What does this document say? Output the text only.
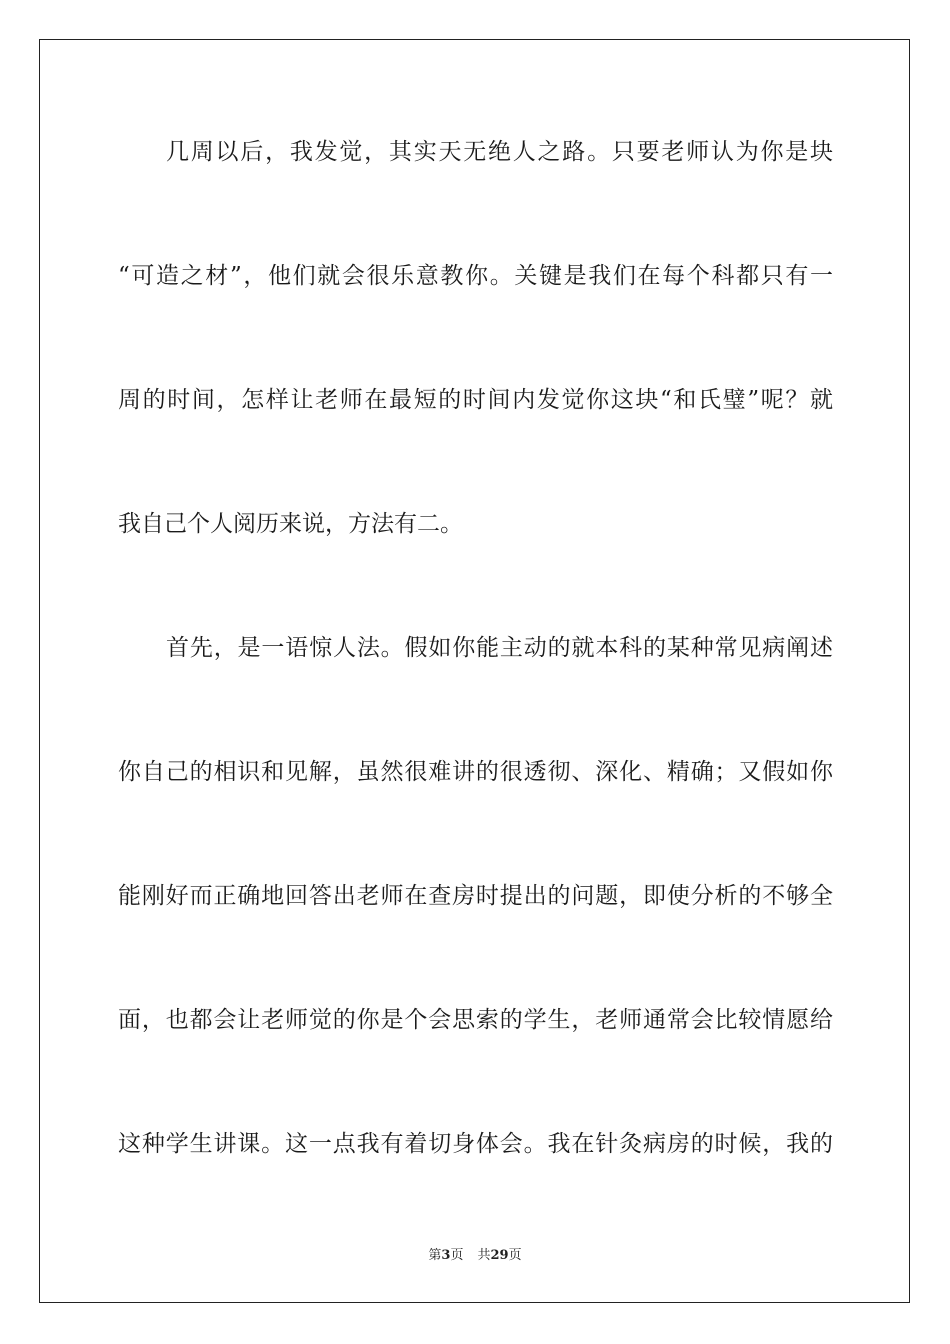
几周以后，我发觉，其实天无绝人之路。只要老师认为你是块
“可造之材”，他们就会很乐意教你。关键是我们在每个科都只有一
周的时间，怎样让老师在最短的时间内发觉你这块“和氏璧”呢？就
我自己个人阅历来说，方法有二。
首先，是一语惊人法。假如你能主动的就本科的某种常见病阐述
你自己的相识和见解，虽然很难讲的很透彻、深化、精确；又假如你
能刚好而正确地回答出老师在查房时提出的问题，即使分析的不够全
面，也都会让老师觉的你是个会思索的学生，老师通常会比较情愿给
这种学生讲课。这一点我有着切身体会。我在针灸病房的时候，我的
第3页 共29页
